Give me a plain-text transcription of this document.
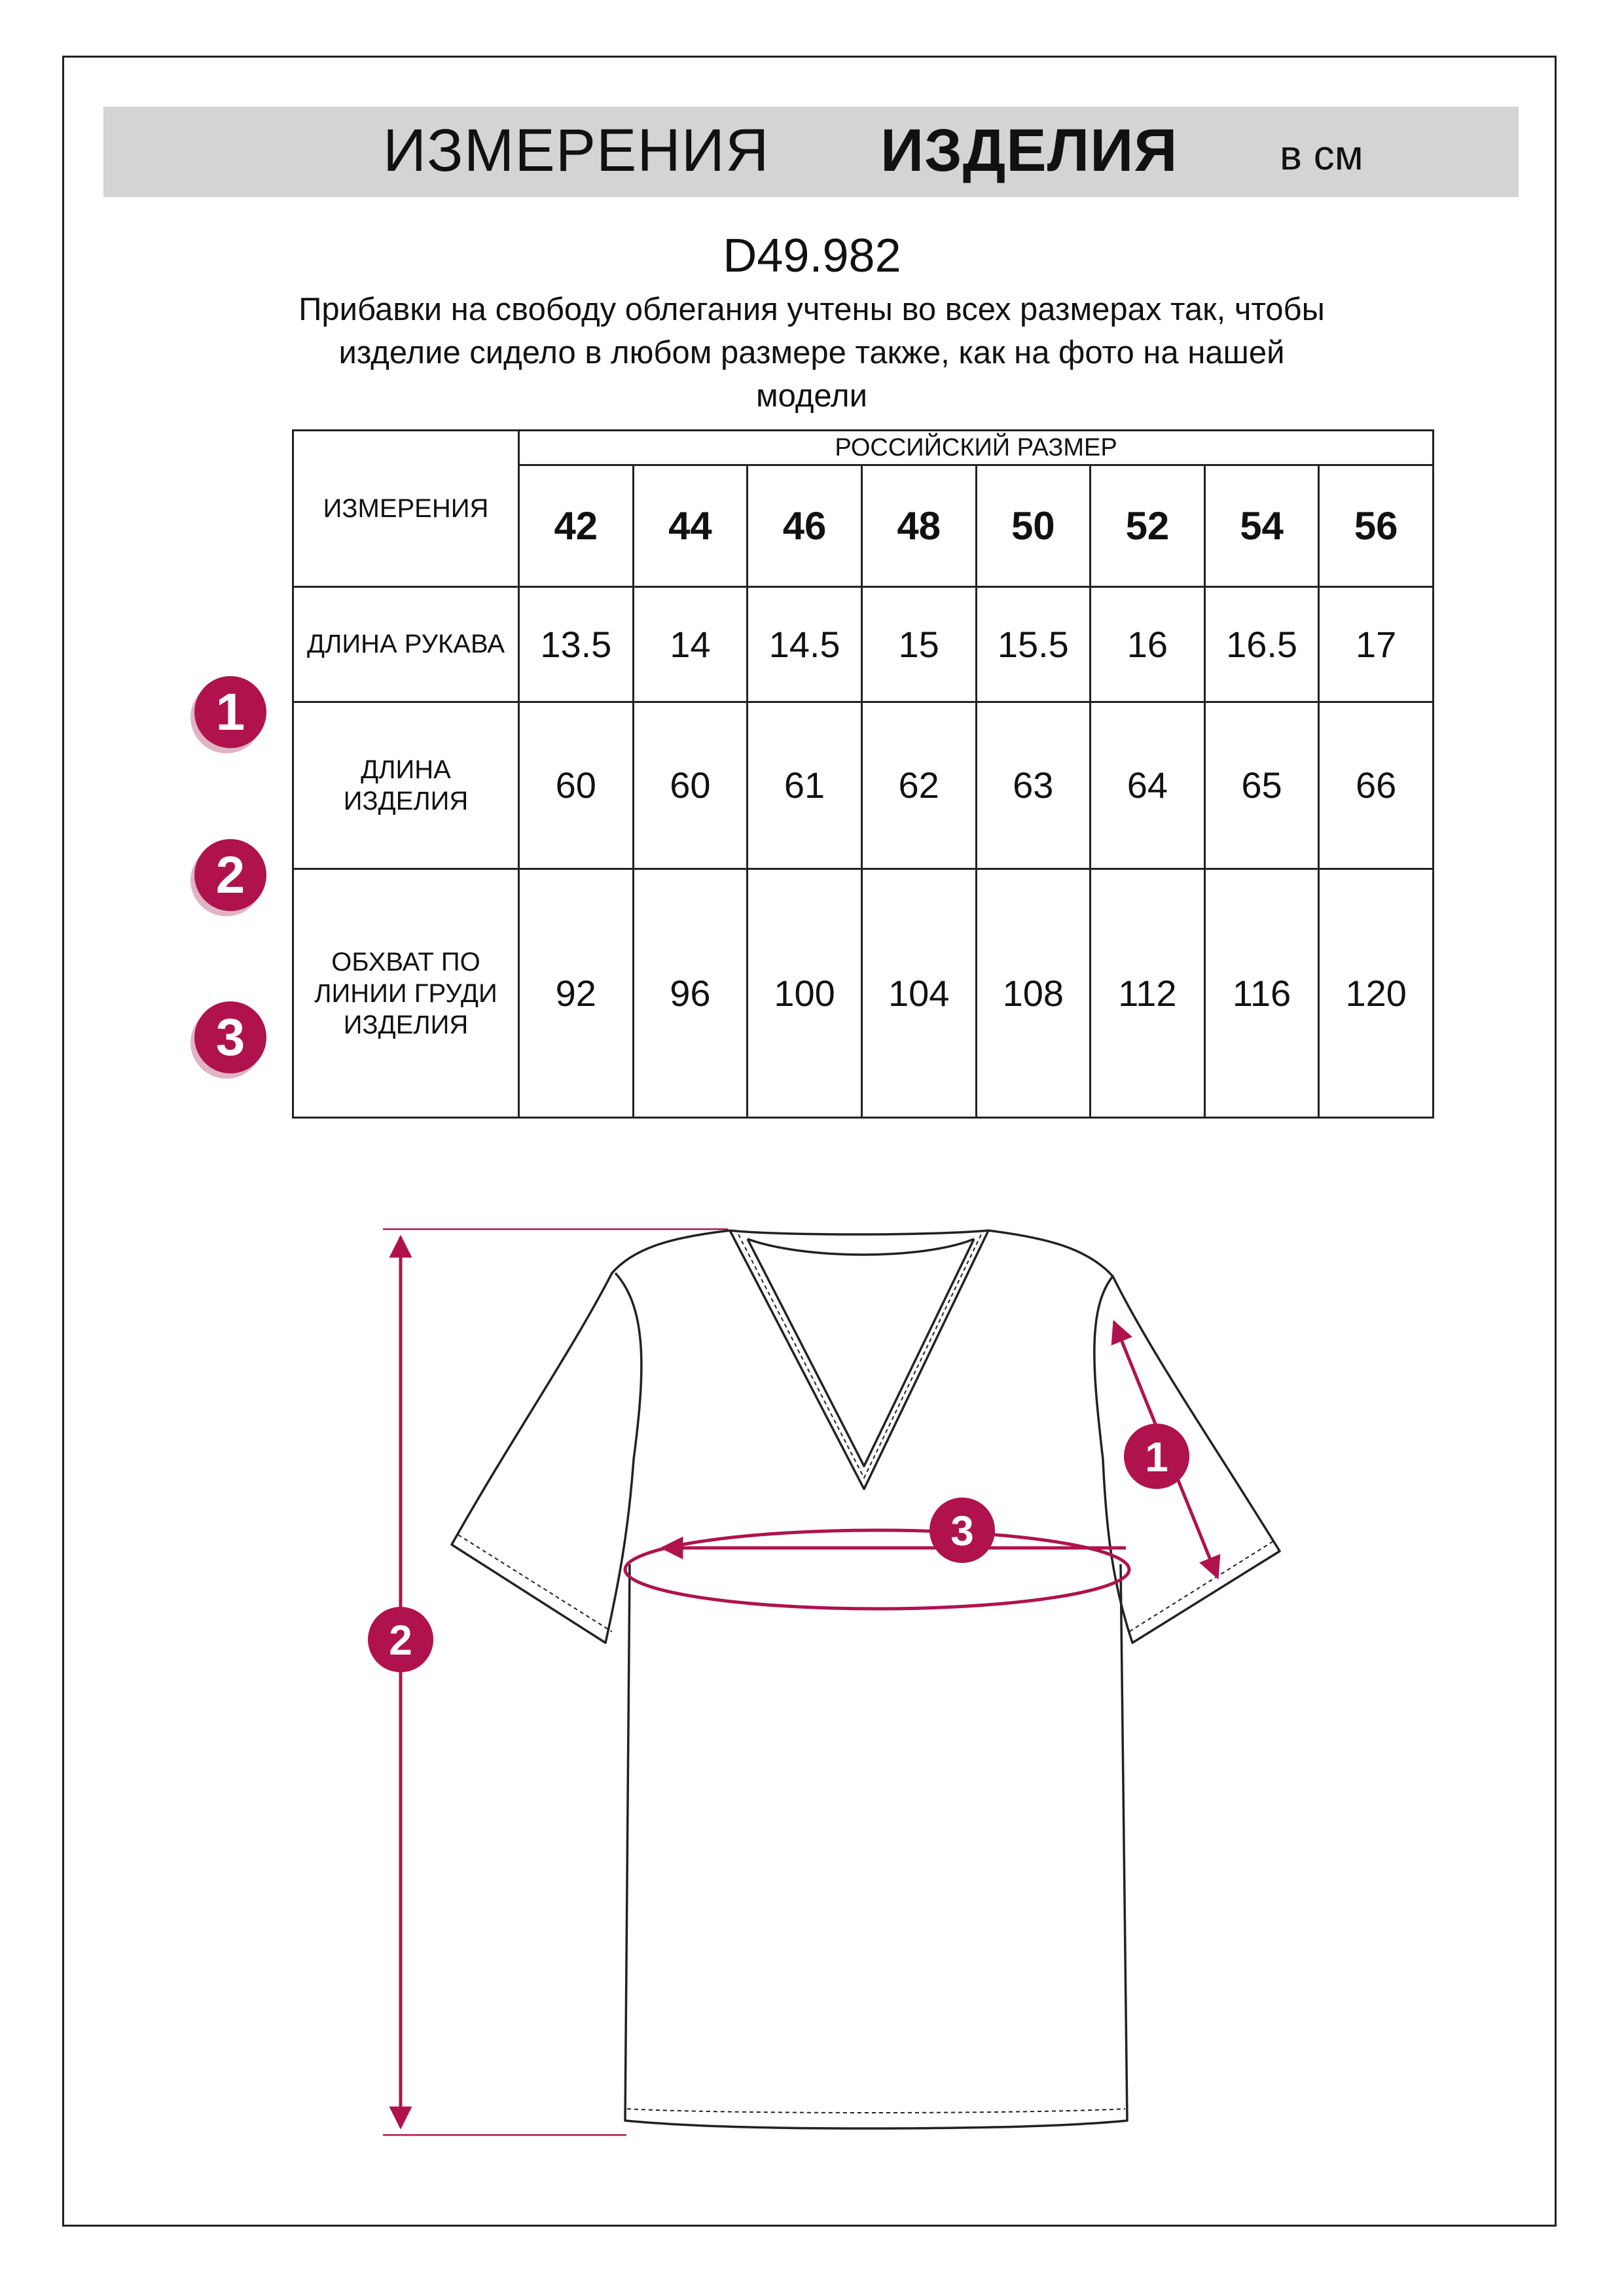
ИЗМЕРЕНИЯ ИЗДЕЛИЯ в см
D49.982
Прибавки на свободу облегания учтены во всех размерах так, чтобы
изделие сидело в любом размере также, как на фото на нашей
модели
ИЗМЕРЕНИЯ	РОССИЙСКИЙ РАЗМЕР							
	42	44	46	48	50	52	54	56

ДЛИНА РУКАВА	13.5	14	14.5	15	15.5	16	16.5	17

ДЛИНА
ИЗДЕЛИЯ	60	60	61	62	63	64	65	66

ОБХВАТ ПО
ЛИНИИ ГРУДИ
ИЗДЕЛИЯ	92	96	100	104	108	112	116	120
1
2
3
1
2
3
